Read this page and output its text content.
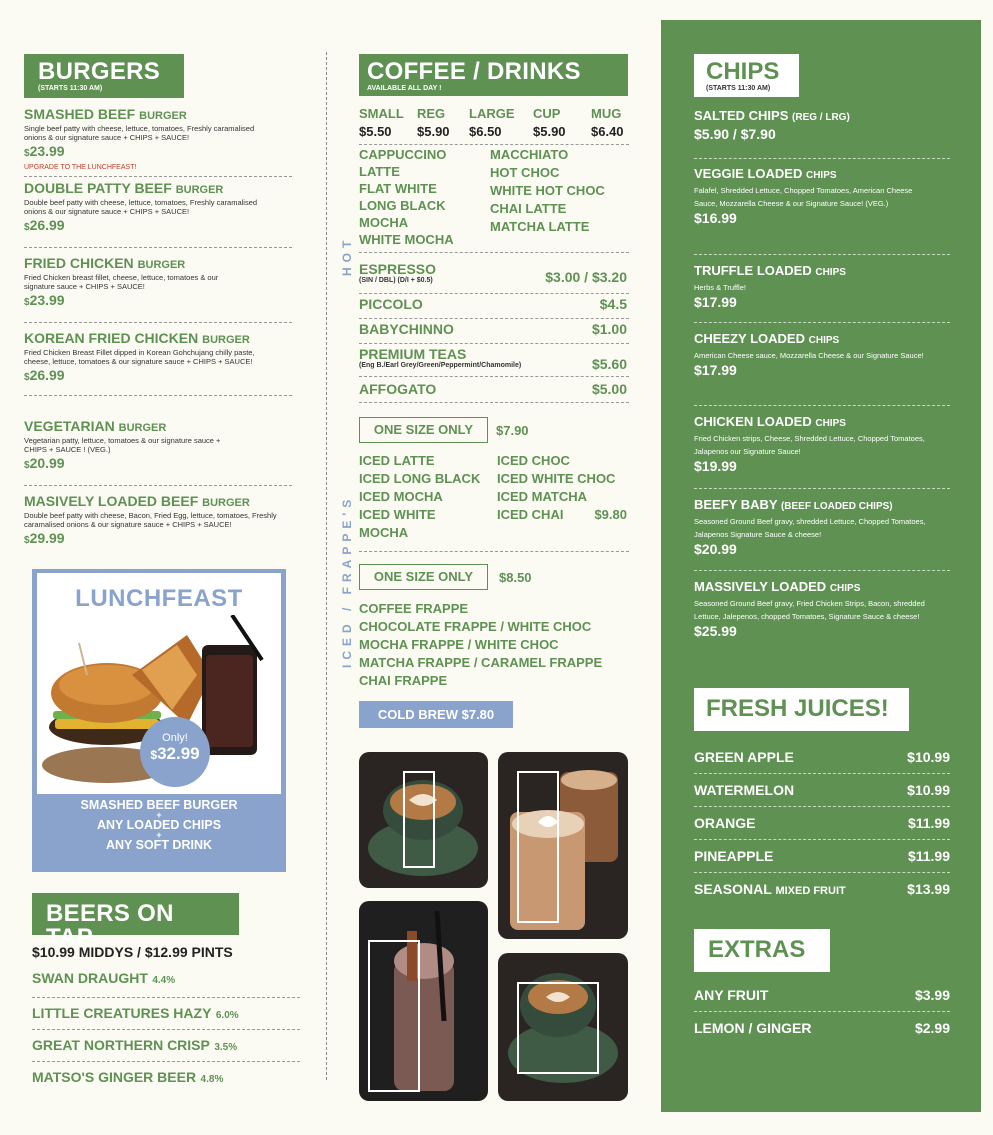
BURGERS
(STARTS 11:30 AM)
SMASHED BEEF BURGER
Single beef patty with cheese, lettuce, tomatoes, Freshly caramalised onions & our signature sauce + CHIPS + SAUCE!
$23.99
UPGRADE TO THE LUNCHFEAST!
DOUBLE PATTY BEEF BURGER
Double beef patty with cheese, lettuce, tomatoes, Freshly caramalised onions & our signature sauce + CHIPS + SAUCE!
$26.99
FRIED CHICKEN BURGER
Fried Chicken breast fillet, cheese, lettuce, tomatoes & our signature sauce + CHIPS + SAUCE!
$23.99
KOREAN FRIED CHICKEN BURGER
Fried Chicken Breast Fillet dipped in Korean Gohchujang chilly paste, cheese, lettuce, tomatoes & our signature sauce + CHIPS + SAUCE!
$26.99
VEGETARIAN BURGER
Vegetarian patty, lettuce, tomatoes & our signature sauce + CHIPS + SAUCE ! (VEG.)
$20.99
MASIVELY LOADED BEEF BURGER
Double beef patty with cheese, Bacon, Fried Egg, lettuce, tomatoes, Freshly caramalised onions & our signature sauce + CHIPS + SAUCE!
$29.99
LUNCHFEAST
Only!
$32.99
SMASHED BEEF BURGER
+
ANY LOADED CHIPS
+
ANY SOFT DRINK
BEERS ON TAP
$10.99 MIDDYS / $12.99 PINTS
SWAN DRAUGHT 4.4%
LITTLE CREATURES HAZY 6.0%
GREAT NORTHERN CRISP 3.5%
MATSO'S GINGER BEER 4.8%
COFFEE / DRINKS
AVAILABLE ALL DAY !
SMALL	REG	LARGE	CUP	MUG
$5.50	$5.90	$6.50	$5.90	$6.40
HOT
CAPPUCCINO
LATTE
FLAT WHITE
LONG BLACK
MOCHA
WHITE MOCHA
MACCHIATO
HOT CHOC
WHITE HOT CHOC
CHAI LATTE
MATCHA LATTE
ESPRESSO
(SIN / DBL) (D/I + $0.5)	$3.00 / $3.20
PICCOLO	$4.5
BABYCHINNO	$1.00
PREMIUM TEAS
(Eng B./Earl Grey/Green/Peppermint/Chamomile)	$5.60
AFFOGATO	$5.00
ICED / FRAPPE'S
ONE SIZE ONLY	$7.90
ICED LATTE
ICED LONG BLACK
ICED MOCHA
ICED WHITE
MOCHA
ICED CHOC
ICED WHITE CHOC
ICED MATCHA
ICED CHAI $9.80
ONE SIZE ONLY	$8.50
COFFEE FRAPPE
CHOCOLATE FRAPPE / WHITE CHOC
MOCHA FRAPPE / WHITE CHOC
MATCHA FRAPPE / CARAMEL FRAPPE
CHAI FRAPPE
COLD BREW $7.80
CHIPS
(STARTS 11:30 AM)
SALTED CHIPS (REG / LRG)
$5.90 / $7.90
VEGGIE LOADED CHIPS
Falafel, Shredded Lettuce, Chopped Tomatoes, American Cheese Sauce, Mozzarella Cheese & our Signature Sauce! (VEG.)
$16.99
TRUFFLE LOADED CHIPS
Herbs & Truffle!
$17.99
CHEEZY LOADED CHIPS
American Cheese sauce, Mozzarella Cheese & our Signature Sauce!
$17.99
CHICKEN LOADED CHIPS
Fried Chicken strips, Cheese, Shredded Lettuce, Chopped Tomatoes, Jalapenos our Signature Sauce!
$19.99
BEEFY BABY (BEEF LOADED CHIPS)
Seasoned Ground Beef gravy, shredded Lettuce, Chopped Tomatoes, Jalapenos Signature Sauce & cheese!
$20.99
MASSIVELY LOADED CHIPS
Seasoned Ground Beef gravy, Fried Chicken Strips, Bacon, shredded Lettuce, Jalepenos, chopped Tomatoes, Signature Sauce & cheese!
$25.99
FRESH JUICES!
GREEN APPLE	$10.99
WATERMELON	$10.99
ORANGE	$11.99
PINEAPPLE	$11.99
SEASONAL MIXED FRUIT	$13.99
EXTRAS
ANY FRUIT	$3.99
LEMON / GINGER	$2.99
